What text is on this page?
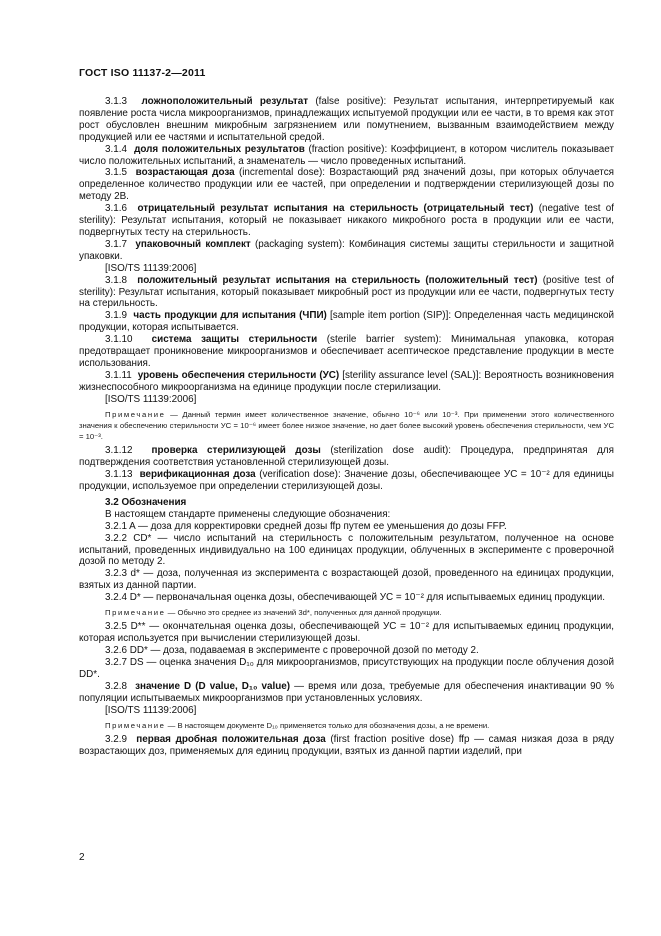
ГОСТ ISO 11137-2—2011

3.1.3 ложноположительный результат (false positive): Результат испытания, интерпретируемый как появление роста числа микроорганизмов, принадлежащих испытуемой продукции или ее части, в то время как этот рост обусловлен внешним микробным загрязнением или помутнением, вызванным взаимодействием между продукцией или ее частями и испытательной средой.

3.1.4 доля положительных результатов (fraction positive): Коэффициент, в котором числитель показывает число положительных испытаний, а знаменатель — число проведенных испытаний.

3.1.5 возрастающая доза (incremental dose): Возрастающий ряд значений дозы, при которых облучается определенное количество продукции или ее частей, при определении и подтверждении стерилизующей дозы по методу 2В.

3.1.6 отрицательный результат испытания на стерильность (отрицательный тест) (negative test of sterility): Результат испытания, который не показывает никакого микробного роста в продукции или ее части, подвергнутых тесту на стерильность.

3.1.7 упаковочный комплект (packaging system): Комбинация системы защиты стерильности и защитной упаковки.

[ISO/TS 11139:2006]

3.1.8 положительный результат испытания на стерильность (положительный тест) (positive test of sterility): Результат испытания, который показывает микробный рост из продукции или ее части, подвергнутых тесту на стерильность.

3.1.9 часть продукции для испытания (ЧПИ) [sample item portion (SIP)]: Определенная часть медицинской продукции, которая испытывается.

3.1.10 система защиты стерильности (sterile barrier system): Минимальная упаковка, которая предотвращает проникновение микроорганизмов и обеспечивает асептическое представление продукции в месте использования.

3.1.11 уровень обеспечения стерильности (УС) [sterility assurance level (SAL)]: Вероятность возникновения жизнеспособного микроорганизма на единице продукции после стерилизации.

[ISO/TS 11139:2006]

Примечание — Данный термин имеет количественное значение, обычно 10⁻⁶ или 10⁻³. При применении этого количественного значения к обеспечению стерильности УС = 10⁻⁶ имеет более низкое значение, но дает более высокий уровень обеспечения стерильности, чем УС = 10⁻³.

3.1.12 проверка стерилизующей дозы (sterilization dose audit): Процедура, предпринятая для подтверждения соответствия установленной стерилизующей дозы.

3.1.13 верификационная доза (verification dose): Значение дозы, обеспечивающее УС = 10⁻² для единицы продукции, используемое при определении стерилизующей дозы.

3.2 Обозначения

В настоящем стандарте применены следующие обозначения:

3.2.1 A — доза для корректировки средней дозы ffp путем ее уменьшения до дозы FFP.

3.2.2 CD* — число испытаний на стерильность с положительным результатом, полученное на основе испытаний, проведенных индивидуально на 100 единицах продукции, облученных в эксперименте с проверочной дозой по методу 2.

3.2.3 d* — доза, полученная из эксперимента с возрастающей дозой, проведенного на единицах продукции, взятых из данной партии.

3.2.4 D* — первоначальная оценка дозы, обеспечивающей УС = 10⁻² для испытываемых единиц продукции.

Примечание — Обычно это среднее из значений 3d*, полученных для данной продукции.

3.2.5 D** — окончательная оценка дозы, обеспечивающей УС = 10⁻² для испытываемых единиц продукции, которая используется при вычислении стерилизующей дозы.

3.2.6 DD* — доза, подаваемая в эксперименте с проверочной дозой по методу 2.

3.2.7 DS — оценка значения D₁₀ для микроорганизмов, присутствующих на продукции после облучения дозой DD*.

3.2.8 значение D (D value, D₁₀ value) — время или доза, требуемые для обеспечения инактивации 90 % популяции испытываемых микроорганизмов при установленных условиях.

[ISO/TS 11139:2006]

Примечание — В настоящем документе D₁₀ применяется только для обозначения дозы, а не времени.

3.2.9 первая дробная положительная доза (first fraction positive dose) ffp — самая низкая доза в ряду возрастающих доз, применяемых для единиц продукции, взятых из данной партии изделий, при

2
